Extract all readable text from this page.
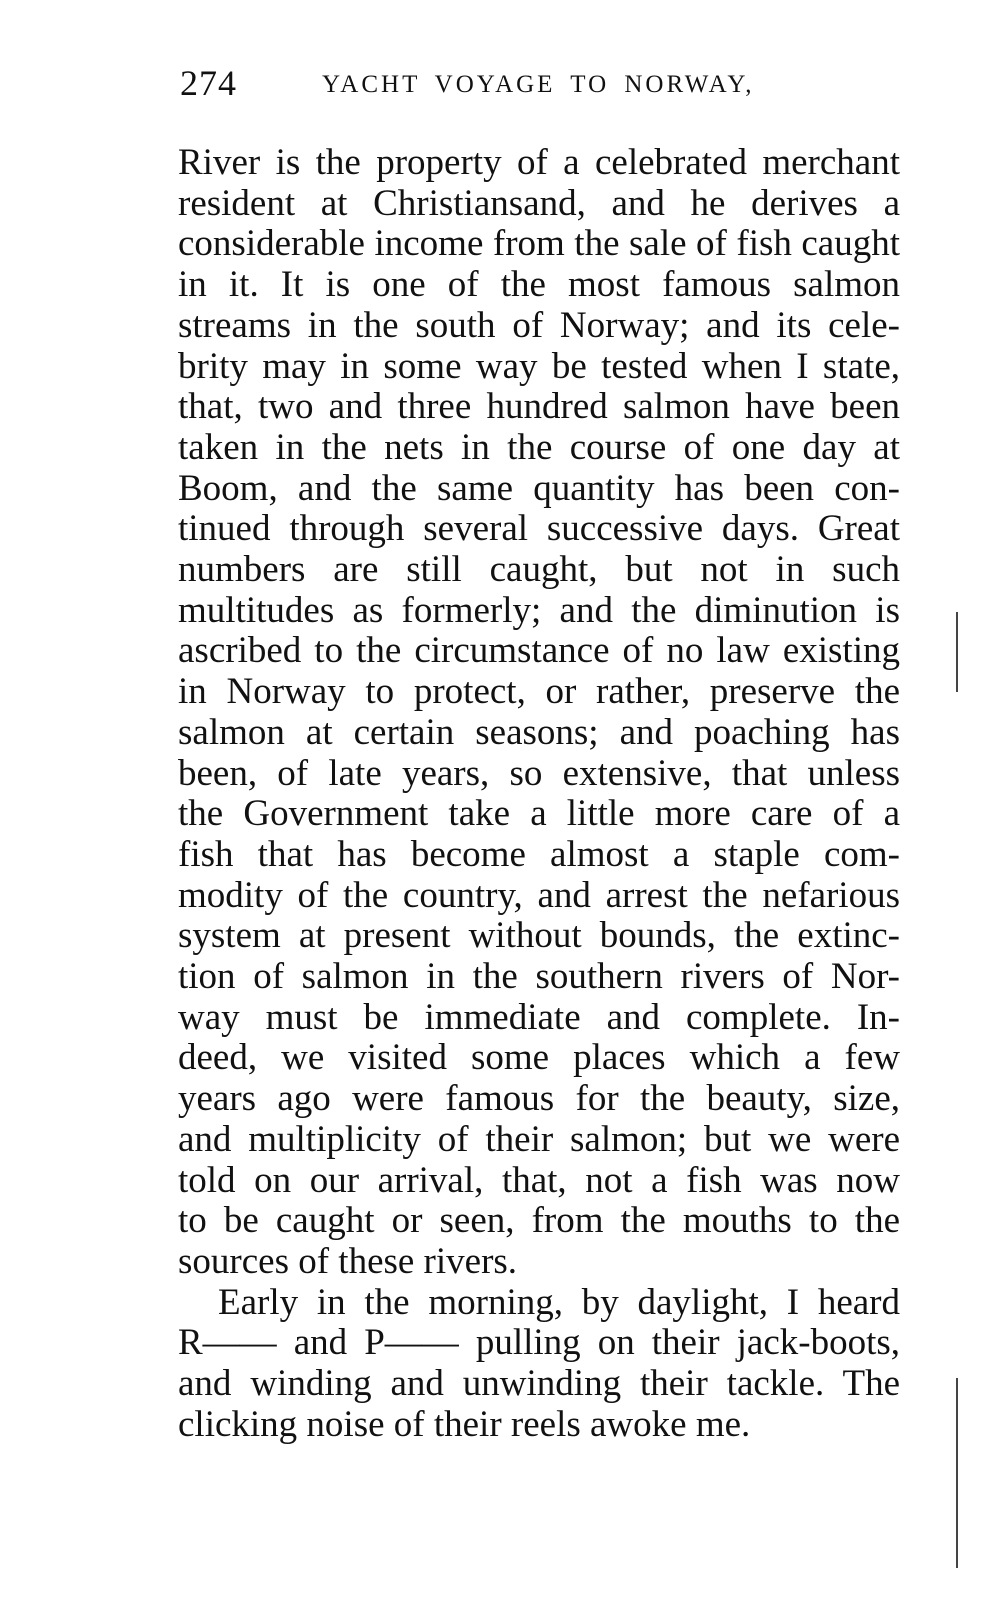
274	YACHT VOYAGE TO NORWAY,

River is the property of a celebrated merchant
resident at Christiansand, and he derives a
considerable income from the sale of fish caught
in it. It is one of the most famous salmon
streams in the south of Norway; and its cele-
brity may in some way be tested when I state,
that, two and three hundred salmon have been
taken in the nets in the course of one day at
Boom, and the same quantity has been con-
tinued through several successive days. Great
numbers are still caught, but not in such
multitudes as formerly; and the diminution is
ascribed to the circumstance of no law existing
in Norway to protect, or rather, preserve the
salmon at certain seasons; and poaching has
been, of late years, so extensive, that unless
the Government take a little more care of a
fish that has become almost a staple com-
modity of the country, and arrest the nefarious
system at present without bounds, the extinc-
tion of salmon in the southern rivers of Nor-
way must be immediate and complete. In-
deed, we visited some places which a few
years ago were famous for the beauty, size,
and multiplicity of their salmon; but we were
told on our arrival, that, not a fish was now
to be caught or seen, from the mouths to the
sources of these rivers.

Early in the morning, by daylight, I heard
R—— and P—— pulling on their jack-boots,
and winding and unwinding their tackle. The
clicking noise of their reels awoke me.
